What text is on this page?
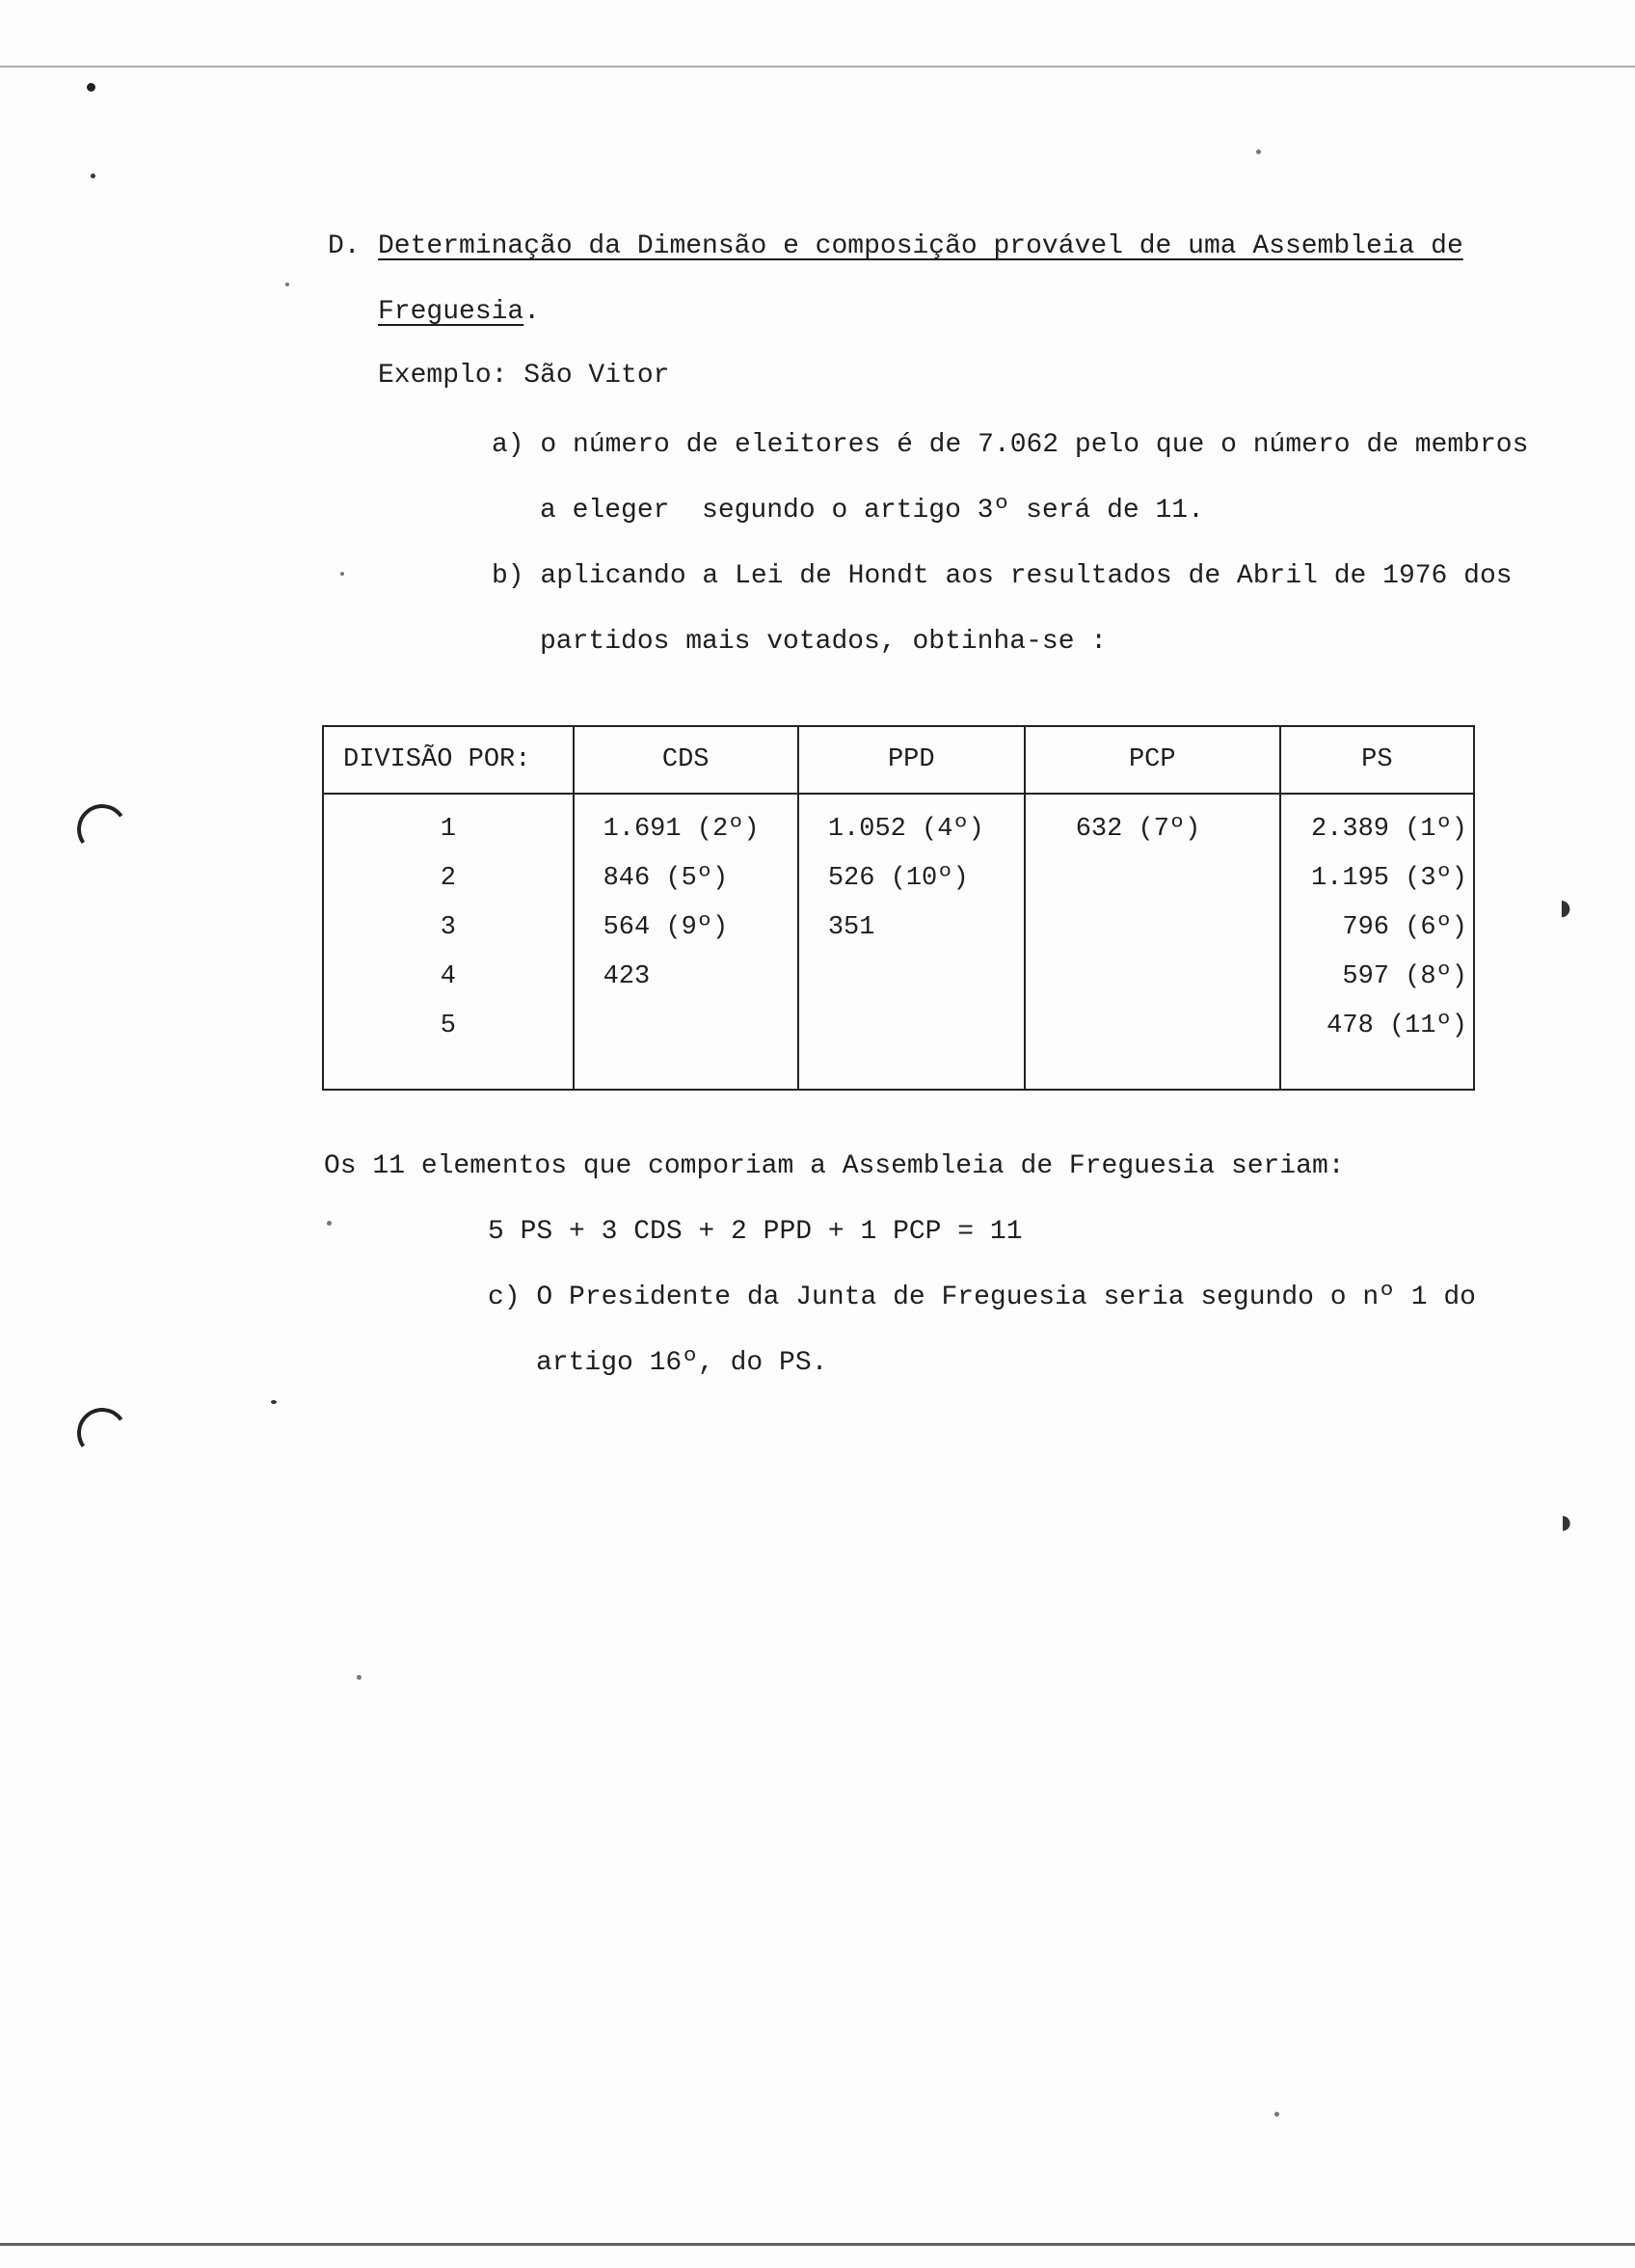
◗
◗
D. Determinação da Dimensão e composição provável de uma Assembleia de
Freguesia.
Exemplo: São Vitor
a) o número de eleitores é de 7.062 pelo que o número de membros
a eleger  segundo o artigo 3º será de 11.
b) aplicando a Lei de Hondt aos resultados de Abril de 1976 dos
partidos mais votados, obtinha-se :
DIVISÃO POR:	CDS	PPD	PCP	PS
1	1.691 (2º)	1.052 (4º)	632 (7º)	2.389 (1º)
2	846 (5º)	526 (10º)		1.195 (3º)
3	564 (9º)	351		796 (6º)
4	423			597 (8º)
5				478 (11º)

Os 11 elementos que comporiam a Assembleia de Freguesia seriam:
5 PS + 3 CDS + 2 PPD + 1 PCP = 11
c) O Presidente da Junta de Freguesia seria segundo o nº 1 do
artigo 16º, do PS.
